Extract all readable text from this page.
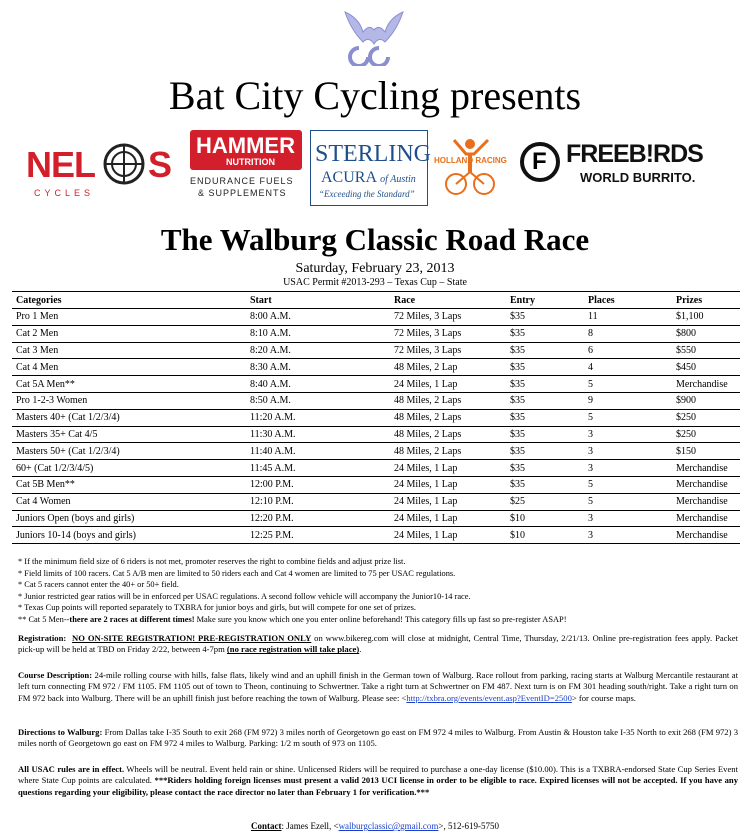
Bat City Cycling presents
NEL S
CYCLES
HAMMER
NUTRITION
ENDURANCE FUELS
& SUPPLEMENTS
STERLING
ACURA of Austin
“Exceeding the Standard”
HOLLAND RACING F FREEB!RDS
WORLD BURRITO.
The Walburg Classic Road Race
Saturday, February 23, 2013
USAC Permit #2013-293 – Texas Cup – State
Categories	Start	Race	Entry	Places	Prizes
Pro 1 Men	8:00 A.M.	72 Miles, 3 Laps	$35	11	$1,100
Cat 2 Men	8:10 A.M.	72 Miles, 3 Laps	$35	8	$800
Cat 3 Men	8:20 A.M.	72 Miles, 3 Laps	$35	6	$550
Cat 4 Men	8:30 A.M.	48 Miles, 2 Lap	$35	4	$450
Cat 5A Men**	8:40 A.M.	24 Miles, 1 Lap	$35	5	Merchandise
Pro 1-2-3 Women	8:50 A.M.	48 Miles, 2 Laps	$35	9	$900
Masters 40+ (Cat 1/2/3/4)	11:20 A.M.	48 Miles, 2 Laps	$35	5	$250
Masters 35+ Cat 4/5	11:30 A.M.	48 Miles, 2 Laps	$35	3	$250
Masters 50+ (Cat 1/2/3/4)	11:40 A.M.	48 Miles, 2 Laps	$35	3	$150
60+ (Cat 1/2/3/4/5)	11:45 A.M.	24 Miles, 1 Lap	$35	3	Merchandise
Cat 5B Men**	12:00 P.M.	24 Miles, 1 Lap	$35	5	Merchandise
Cat 4 Women	12:10 P.M.	24 Miles, 1 Lap	$25	5	Merchandise
Juniors Open (boys and girls)	12:20 P.M.	24 Miles, 1 Lap	$10	3	Merchandise
Juniors 10-14 (boys and girls)	12:25 P.M.	24 Miles, 1 Lap	$10	3	Merchandise
* If the minimum field size of 6 riders is not met, promoter reserves the right to combine fields and adjust prize list.
* Field limits of 100 racers. Cat 5 A/B men are limited to 50 riders each and Cat 4 women are limited to 75 per USAC regulations.
* Cat 5 racers cannot enter the 40+ or 50+ field.
* Junior restricted gear ratios will be in enforced per USAC regulations. A second follow vehicle will accompany the Junior10-14 race.
* Texas Cup points will reported separately to TXBRA for junior boys and girls, but will compete for one set of prizes.
** Cat 5 Men--there are 2 races at different times! Make sure you know which one you enter online beforehand! This category fills up fast so pre-register ASAP!
Registration: NO ON-SITE REGISTRATION! PRE-REGISTRATION ONLY on www.bikereg.com will close at midnight, Central Time, Thursday, 2/21/13. Online pre-registration fees apply. Packet pick-up will be held at TBD on Friday 2/22, between 4-7pm (no race registration will take place).
Course Description: 24-mile rolling course with hills, false flats, likely wind and an uphill finish in the German town of Walburg. Race rollout from parking, racing starts at Walburg Mercantile restaurant at left turn connecting FM 972 / FM 1105. FM 1105 out of town to Theon, continuing to Schwertner. Take a right turn at Schwertner on FM 487. Next turn is on FM 301 heading south/right. Take a right turn on FM 972 back into Walburg. There will be an uphill finish just before reaching the town of Walburg. Please see: <http://txbra.org/events/event.asp?EventID=2500> for course maps.
Directions to Walburg: From Dallas take I-35 South to exit 268 (FM 972) 3 miles north of Georgetown go east on FM 972 4 miles to Walburg. From Austin & Houston take I-35 North to exit 268 (FM 972) 3 miles north of Georgetown go east on FM 972 4 miles to Walburg. Parking: 1/2 m south of 973 on 1105.
All USAC rules are in effect. Wheels will be neutral. Event held rain or shine. Unlicensed Riders will be required to purchase a one-day license ($10.00). This is a TXBRA-endorsed State Cup Series Event where State Cup points are calculated. ***Riders holding foreign licenses must present a valid 2013 UCI license in order to be eligible to race. Expired licenses will not be accepted. If you have any questions regarding your eligibility, please contact the race director no later than February 1 for verification.***
Contact: James Ezell, <walburgclassic@gmail.com>, 512-619-5750
